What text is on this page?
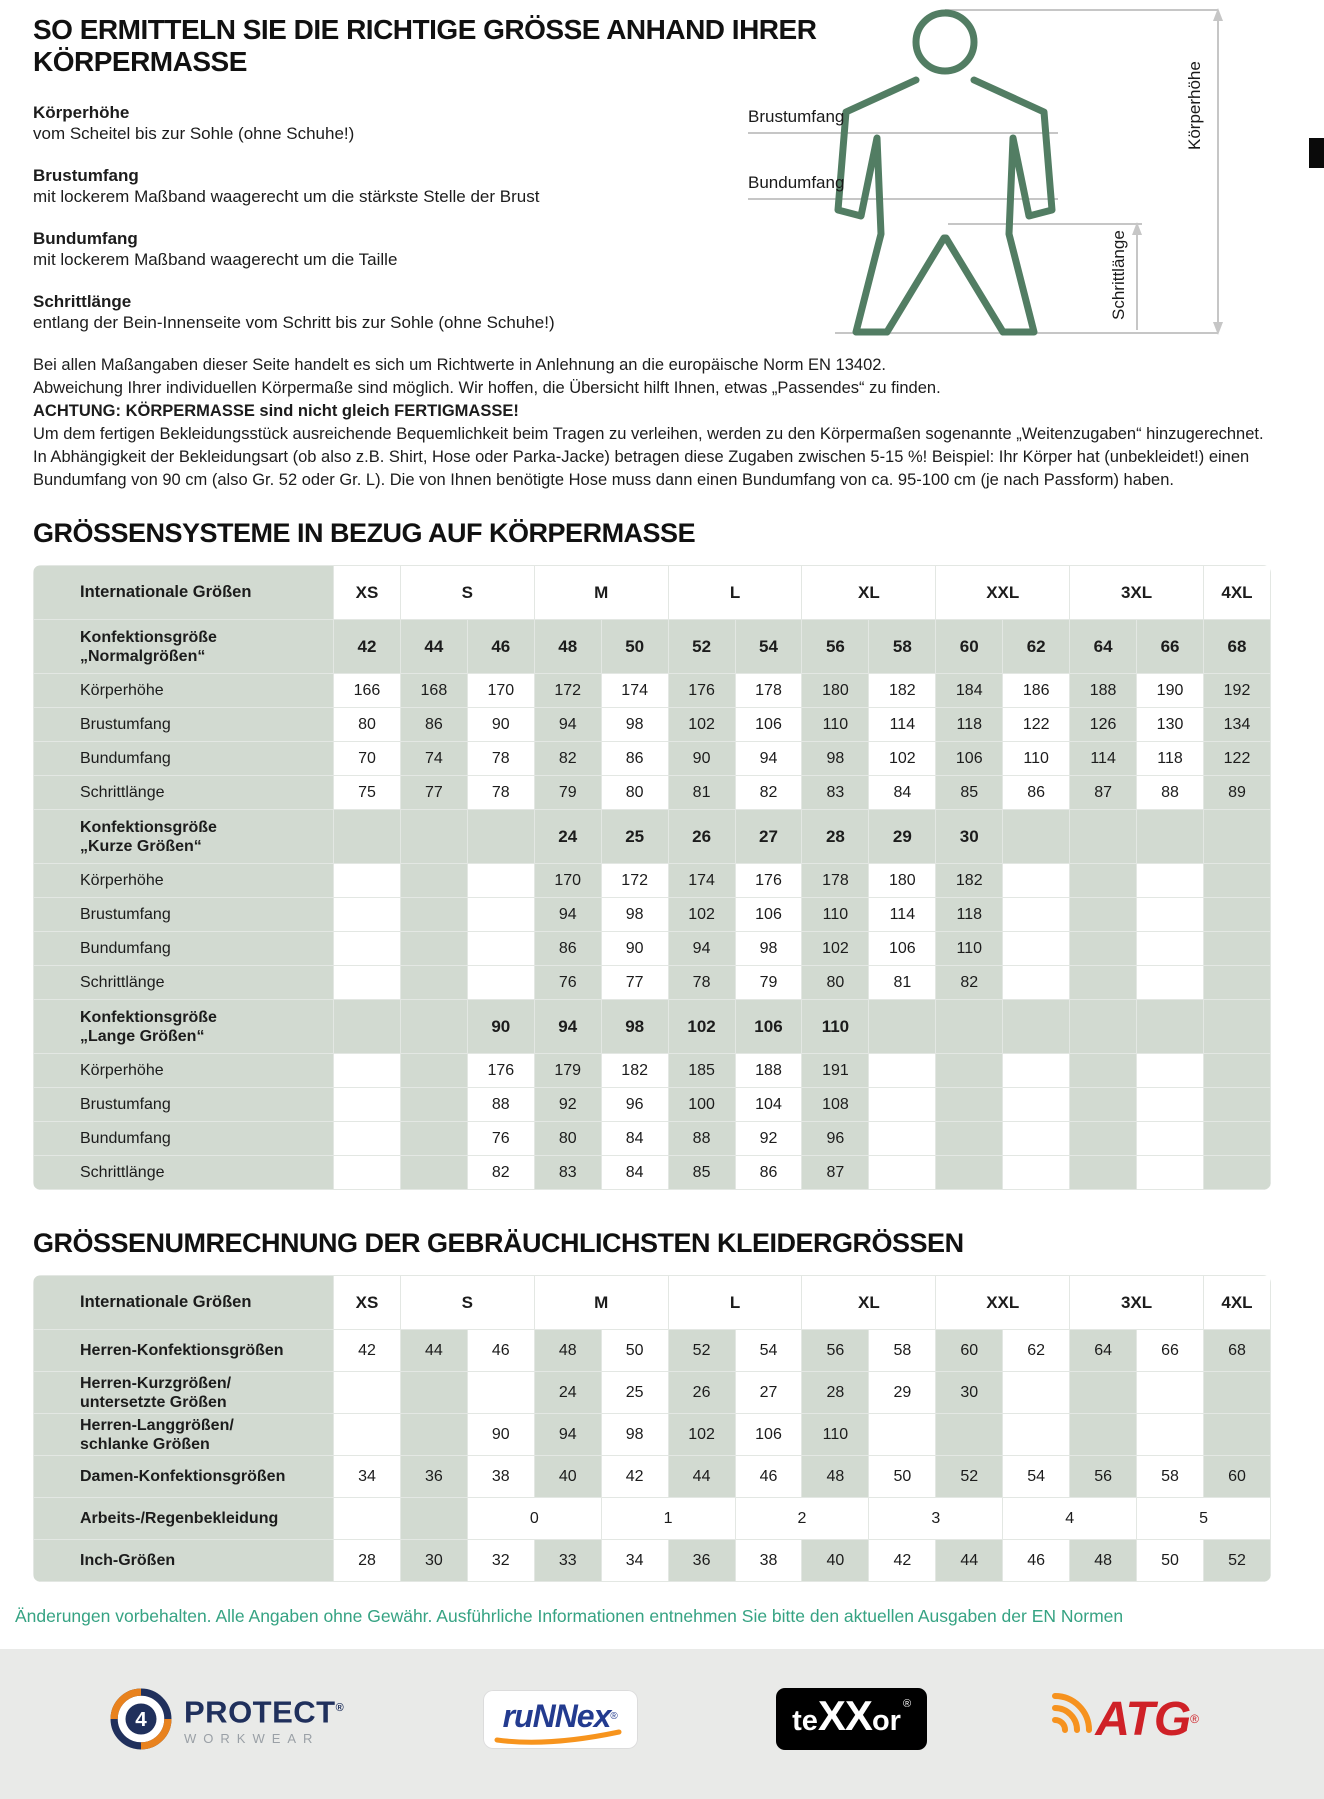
Brustumfang
Bundumfang
Körperhöhe
Schrittlänge
SO ERMITTELN SIE DIE RICHTIGE GRÖSSE ANHAND IHRER KÖRPERMASSE

Körperhöhe

vom Scheitel bis zur Sohle (ohne Schuhe!)

Brustumfang

mit lockerem Maßband waagerecht um die stärkste Stelle der Brust

Bundumfang

mit lockerem Maßband waagerecht um die Taille

Schrittlänge

entlang der Bein-Innenseite vom Schritt bis zur Sohle (ohne Schuhe!)

Bei allen Maßangaben dieser Seite handelt es sich um Richtwerte in Anlehnung an die europäische Norm EN 13402.

Abweichung Ihrer individuellen Körpermaße sind möglich. Wir hoffen, die Übersicht hilft Ihnen, etwas „Passendes“ zu finden.

ACHTUNG: KÖRPERMASSE sind nicht gleich FERTIGMASSE!

Um dem fertigen Bekleidungsstück ausreichende Bequemlichkeit beim Tragen zu verleihen, werden zu den Körpermaßen sogenannte „Weitenzugaben“ hinzugerechnet.

In Abhängigkeit der Bekleidungsart (ob also z.B. Shirt, Hose oder Parka-Jacke) betragen diese Zugaben zwischen 5-15 %! Beispiel: Ihr Körper hat (unbekleidet!) einen

Bundumfang von 90 cm (also Gr. 52 oder Gr. L). Die von Ihnen benötigte Hose muss dann einen Bundumfang von ca. 95-100 cm (je nach Passform) haben.

GRÖSSENSYSTEME IN BEZUG AUF KÖRPERMASSE
Internationale Größen	XS	S		M		L		XL		XXL		3XL		4XL
Konfektionsgröße
„Normalgrößen“	42	44	46	48	50	52	54	56	58	60	62	64	66	68
Körperhöhe	166	168	170	172	174	176	178	180	182	184	186	188	190	192
Brustumfang	80	86	90	94	98	102	106	110	114	118	122	126	130	134
Bundumfang	70	74	78	82	86	90	94	98	102	106	110	114	118	122
Schrittlänge	75	77	78	79	80	81	82	83	84	85	86	87	88	89
Konfektionsgröße
„Kurze Größen“				24	25	26	27	28	29	30				
Körperhöhe				170	172	174	176	178	180	182				
Brustumfang				94	98	102	106	110	114	118				
Bundumfang				86	90	94	98	102	106	110				
Schrittlänge				76	77	78	79	80	81	82				
Konfektionsgröße
„Lange Größen“			90	94	98	102	106	110						
Körperhöhe			176	179	182	185	188	191						
Brustumfang			88	92	96	100	104	108						
Bundumfang			76	80	84	88	92	96						
Schrittlänge			82	83	84	85	86	87						
GRÖSSENUMRECHNUNG DER GEBRÄUCHLICHSTEN KLEIDERGRÖSSEN
Internationale Größen	XS	S		M		L		XL		XXL		3XL		4XL
Herren-Konfektionsgrößen	42	44	46	48	50	52	54	56	58	60	62	64	66	68
Herren-Kurzgrößen/
untersetzte Größen				24	25	26	27	28	29	30				
Herren-Langgrößen/
schlanke Größen			90	94	98	102	106	110						
Damen-Konfektionsgrößen	34	36	38	40	42	44	46	48	50	52	54	56	58	60
Arbeits-/Regenbekleidung			0		1		2		3		4		5	
Inch-Größen	28	30	32	33	34	36	38	40	42	44	46	48	50	52

Änderungen vorbehalten. Alle Angaben ohne Gewähr. Ausführliche Informationen entnehmen Sie bitte den aktuellen Ausgaben der EN Normen

4 PROTECT®
WORKWEAR
ruNNex ®	te XX or
®	ATG ®
